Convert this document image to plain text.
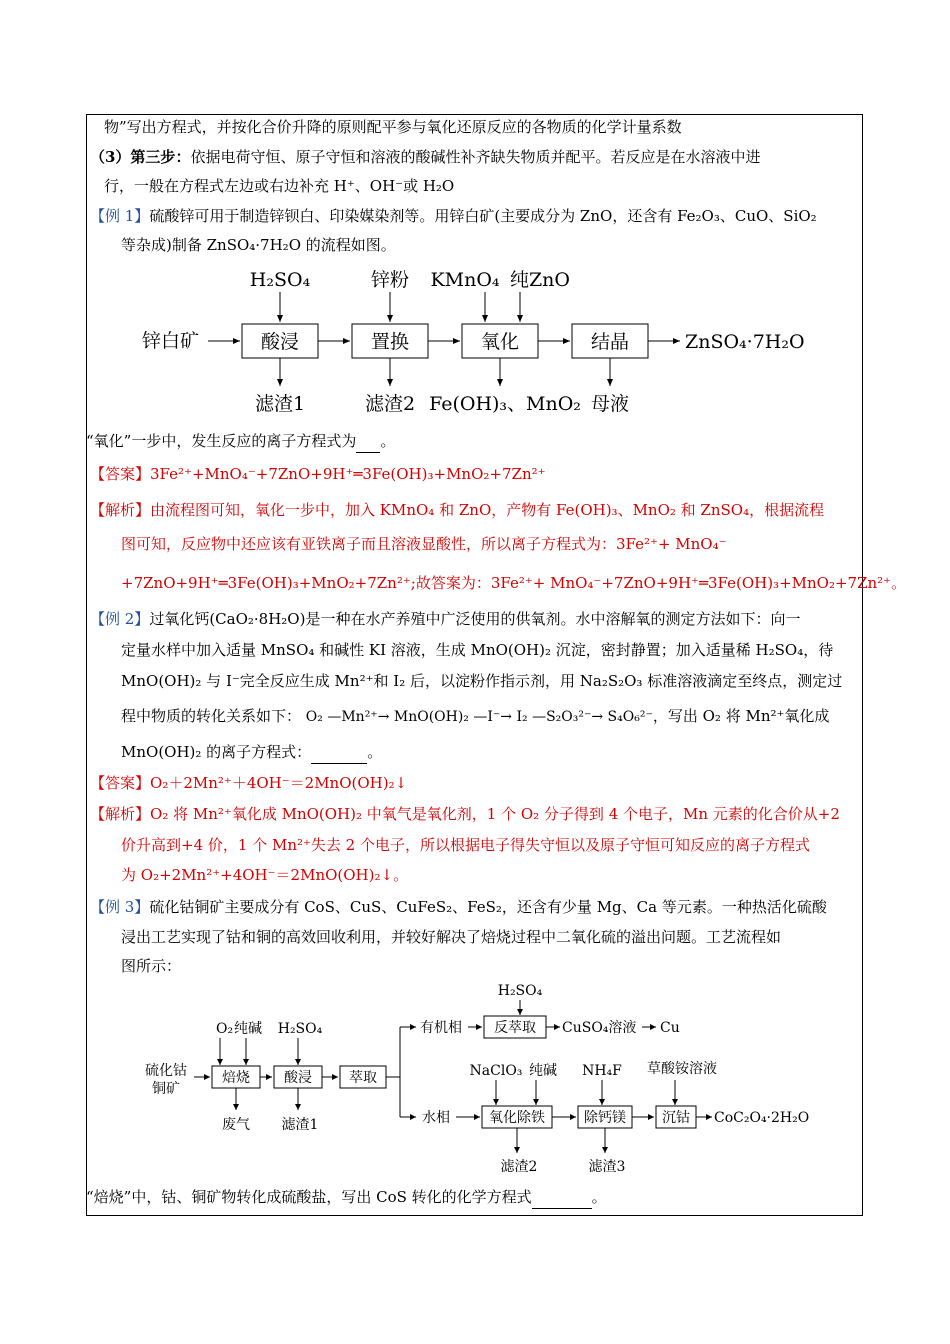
物”写出方程式，并按化合价升降的原则配平参与氧化还原反应的各物质的化学计量系数
（3）第三步：依据电荷守恒、原子守恒和溶液的酸碱性补齐缺失物质并配平。若反应是在水溶液中进
行，一般在方程式左边或右边补充 H⁺、OH⁻或 H₂O
【例 1】硫酸锌可用于制造锌钡白、印染媒染剂等。用锌白矿(主要成分为 ZnO，还含有 Fe₂O₃、CuO、SiO₂
等杂成)制备 ZnSO₄·7H₂O 的流程如图。
锌白矿	酸浸	置换	氧化	结晶	ZnSO₄·7H₂O
H₂SO₄	锌粉 KMnO₄ 纯ZnO
滤渣1	滤渣2 Fe(OH)₃、MnO₂ 母液
“氧化”一步中，发生反应的离子方程式为 。
【答案】3Fe²⁺+MnO₄⁻+7ZnO+9H⁺═3Fe(OH)₃+MnO₂+7Zn²⁺
【解析】由流程图可知，氧化一步中，加入 KMnO₄ 和 ZnO，产物有 Fe(OH)₃、MnO₂ 和 ZnSO₄，根据流程
图可知，反应物中还应该有亚铁离子而且溶液显酸性，所以离子方程式为：3Fe²⁺+ MnO₄⁻
+7ZnO+9H⁺═3Fe(OH)₃+MnO₂+7Zn²⁺;故答案为：3Fe²⁺+ MnO₄⁻+7ZnO+9H⁺═3Fe(OH)₃+MnO₂+7Zn²⁺。
【例 2】过氧化钙(CaO₂·8H₂O)是一种在水产养殖中广泛使用的供氧剂。水中溶解氧的测定方法如下：向一
定量水样中加入适量 MnSO₄ 和碱性 KI 溶液，生成 MnO(OH)₂ 沉淀，密封静置；加入适量稀 H₂SO₄，待
MnO(OH)₂ 与 I⁻完全反应生成 Mn²⁺和 I₂ 后，以淀粉作指示剂，用 Na₂S₂O₃ 标准溶液滴定至终点，测定过
程中物质的转化关系如下： O₂ —Mn²⁺→ MnO(OH)₂ —I⁻→ I₂ —S₂O₃²⁻→ S₄O₆²⁻，写出 O₂ 将 Mn²⁺氧化成
MnO(OH)₂ 的离子方程式：	。
【答案】O₂＋2Mn²⁺＋4OH⁻＝2MnO(OH)₂↓
【解析】O₂ 将 Mn²⁺氧化成 MnO(OH)₂ 中氧气是氧化剂，1 个 O₂ 分子得到 4 个电子，Mn 元素的化合价从+2
价升高到+4 价，1 个 Mn²⁺失去 2 个电子，所以根据电子得失守恒以及原子守恒可知反应的离子方程式
为 O₂+2Mn²⁺+4OH⁻＝2MnO(OH)₂↓。
【例 3】硫化钴铜矿主要成分有 CoS、CuS、CuFeS₂、FeS₂，还含有少量 Mg、Ca 等元素。一种热活化硫酸
浸出工艺实现了钴和铜的高效回收利用，并较好解决了焙烧过程中二氧化硫的溢出问题。工艺流程如
图所示：
硫化钴
铜矿
O₂ 纯碱
焙烧
废气
H₂SO₄
酸浸
滤渣1
萃取
有机相
H₂SO₄
反萃取 CuSO₄溶液 Cu
水相
NaClO₃ 纯碱
氧化除铁
滤渣2
NH₄F
除钙镁
滤渣3
草酸铵溶液
沉钴 CoC₂O₄·2H₂O
“焙烧”中，钴、铜矿物转化成硫酸盐，写出 CoS 转化的化学方程式	。
